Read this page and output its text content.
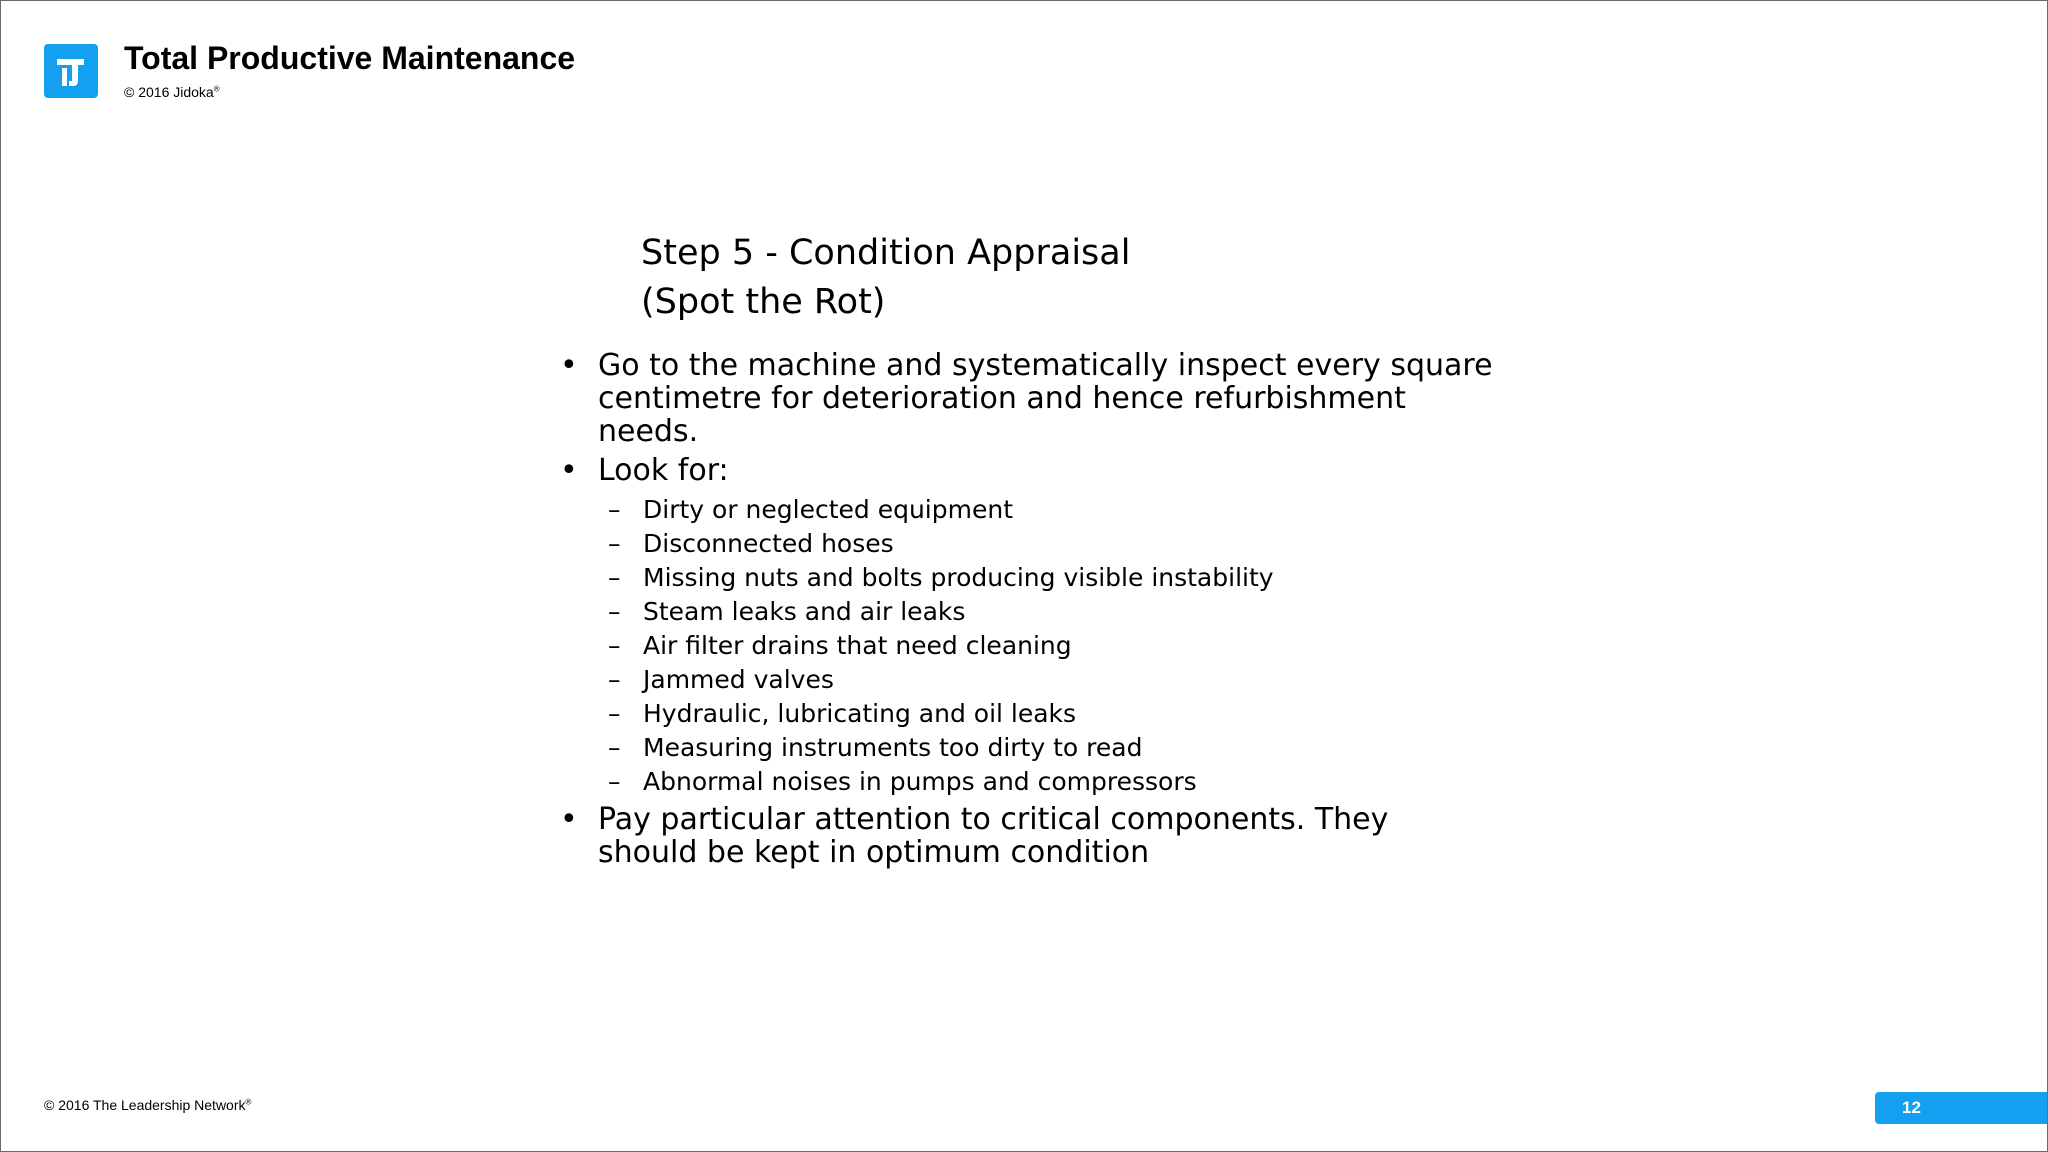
Total Productive Maintenance
© 2016 Jidoka®
Step 5 - Condition Appraisal
(Spot the Rot)
• Go to the machine and systematically inspect every square
centimetre for deterioration and hence refurbishment
needs.
• Look for:
– Dirty or neglected equipment
– Disconnected hoses
– Missing nuts and bolts producing visible instability
– Steam leaks and air leaks
– Air filter drains that need cleaning
– Jammed valves
– Hydraulic, lubricating and oil leaks
– Measuring instruments too dirty to read
– Abnormal noises in pumps and compressors
• Pay particular attention to critical components. They
should be kept in optimum condition
© 2016 The Leadership Network®	12
